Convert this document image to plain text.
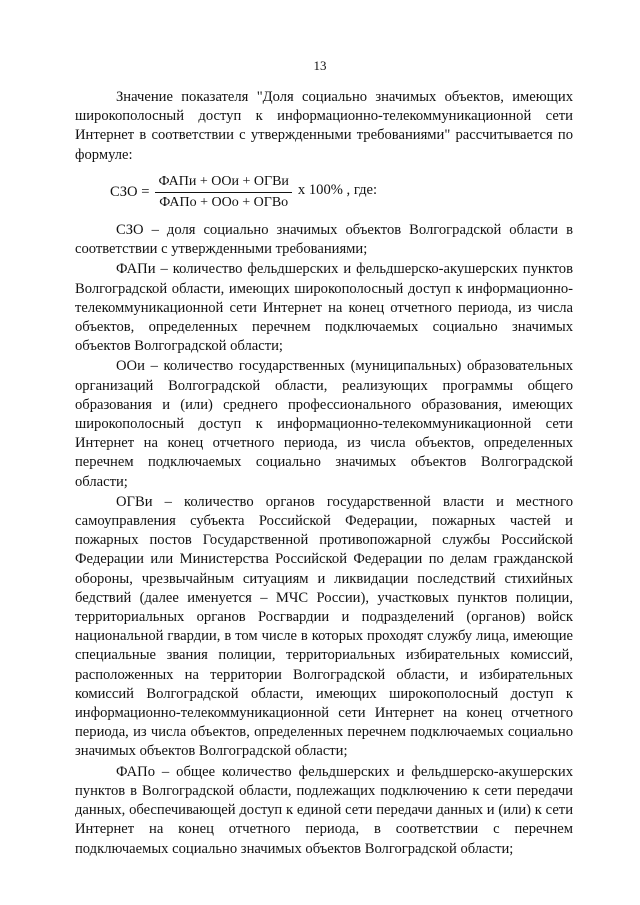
13

Значение показателя "Доля социально значимых объектов, имеющих широкополосный доступ к информационно-телекоммуникационной сети Интернет в соответствии с утвержденными требованиями" рассчитывается по формуле:

СЗО = $\frac{\text{ФАПи + ООи + ОГВи}}{\text{ФАПо + ООо + ОГВо}}$ x 100% , где:

СЗО – доля социально значимых объектов Волгоградской области в соответствии с утвержденными требованиями;

ФАПи – количество фельдшерских и фельдшерско-акушерских пунктов Волгоградской области, имеющих широкополосный доступ к информационно-телекоммуникационной сети Интернет на конец отчетного периода, из числа объектов, определенных перечнем подключаемых социально значимых объектов Волгоградской области;

ООи – количество государственных (муниципальных) образовательных организаций Волгоградской области, реализующих программы общего образования и (или) среднего профессионального образования, имеющих широкополосный доступ к информационно-телекоммуникационной сети Интернет на конец отчетного периода, из числа объектов, определенных перечнем подключаемых социально значимых объектов Волгоградской области;

ОГВи – количество органов государственной власти и местного самоуправления субъекта Российской Федерации, пожарных частей и пожарных постов Государственной противопожарной службы Российской Федерации или Министерства Российской Федерации по делам гражданской обороны, чрезвычайным ситуациям и ликвидации последствий стихийных бедствий (далее именуется – МЧС России), участковых пунктов полиции, территориальных органов Росгвардии и подразделений (органов) войск национальной гвардии, в том числе в которых проходят службу лица, имеющие специальные звания полиции, территориальных избирательных комиссий, расположенных на территории Волгоградской области, и избирательных комиссий Волгоградской области, имеющих широкополосный доступ к информационно-телекоммуникационной сети Интернет на конец отчетного периода, из числа объектов, определенных перечнем подключаемых социально значимых объектов Волгоградской области;

ФАПо – общее количество фельдшерских и фельдшерско-акушерских пунктов в Волгоградской области, подлежащих подключению к сети передачи данных, обеспечивающей доступ к единой сети передачи данных и (или) к сети Интернет на конец отчетного периода, в соответствии с перечнем подключаемых социально значимых объектов Волгоградской области;
